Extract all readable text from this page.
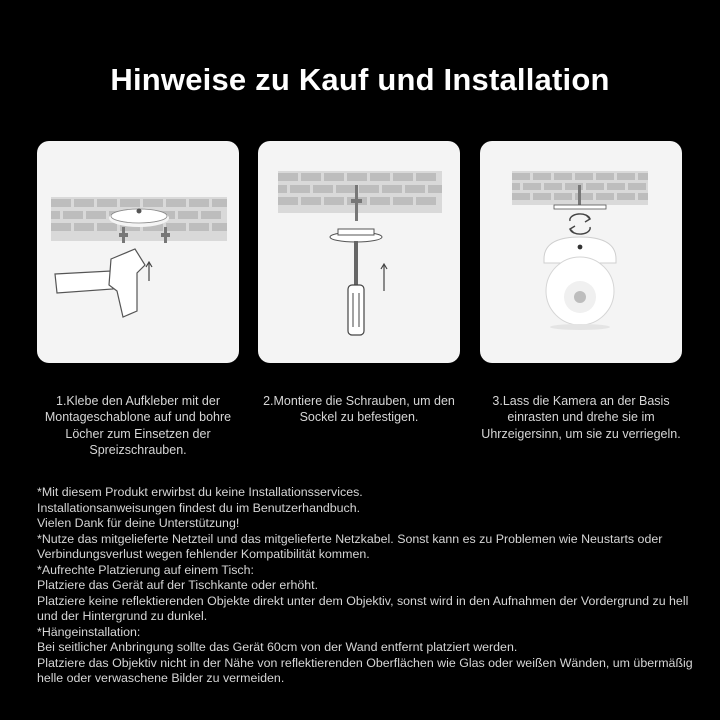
Hinweise zu Kauf und Installation
1.Klebe den Aufkleber mit der Montageschablone auf und bohre Löcher zum Einsetzen der Spreizschrauben.
2.Montiere die Schrauben, um den Sockel zu befestigen.
3.Lass die Kamera an der Basis einrasten und drehe sie im Uhrzeigersinn, um sie zu verriegeln.
*Mit diesem Produkt erwirbst du keine Installationsservices.
Installationsanweisungen findest du im Benutzerhandbuch.
Vielen Dank für deine Unterstützung!
*Nutze das mitgelieferte Netzteil und das mitgelieferte Netzkabel. Sonst kann es zu Problemen wie Neustarts oder Verbindungsverlust wegen fehlender Kompatibilität kommen.
*Aufrechte Platzierung auf einem Tisch:
Platziere das Gerät auf der Tischkante oder erhöht.
Platziere keine reflektierenden Objekte direkt unter dem Objektiv, sonst wird in den Aufnahmen der Vordergrund zu hell und der Hintergrund zu dunkel.
*Hängeinstallation:
Bei seitlicher Anbringung sollte das Gerät 60cm von der Wand entfernt platziert werden.
Platziere das Objektiv nicht in der Nähe von reflektierenden Oberflächen wie Glas oder weißen Wänden, um übermäßig helle oder verwaschene Bilder zu vermeiden.
